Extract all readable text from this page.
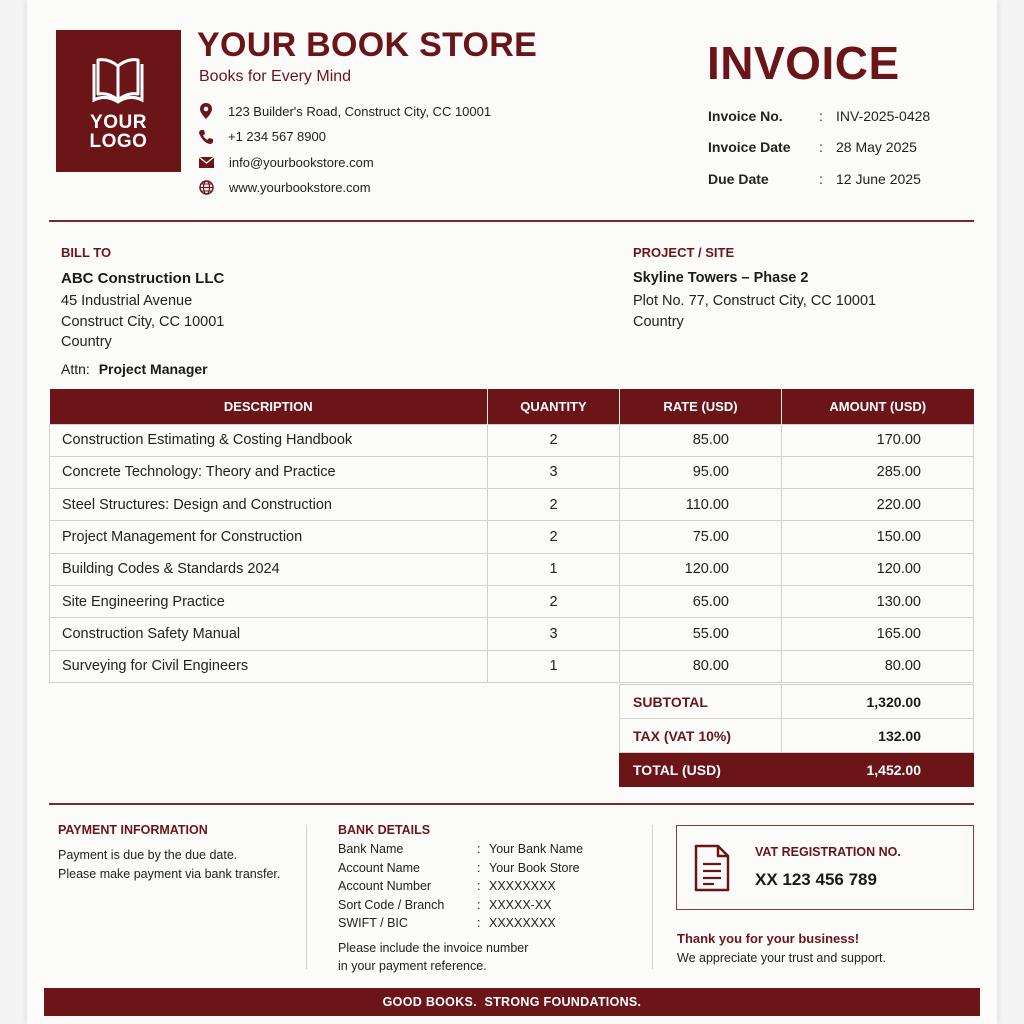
YOUR
LOGO
YOUR BOOK STORE
Books for Every Mind
123 Builder's Road, Construct City, CC 10001
+1 234 567 8900
info@yourbookstore.com
www.yourbookstore.com
INVOICE
Invoice No.	: INV-2025-0428
Invoice Date : 28 May 2025
Due Date	: 12 June 2025
BILL TO
ABC Construction LLC
45 Industrial Avenue
Construct City, CC 10001
Country
Attn: Project Manager
PROJECT / SITE
Skyline Towers – Phase 2
Plot No. 77, Construct City, CC 10001
Country
DESCRIPTION	QUANTITY	RATE (USD)	AMOUNT (USD)
Construction Estimating & Costing Handbook	2	85.00	170.00
Concrete Technology: Theory and Practice	3	95.00	285.00
Steel Structures: Design and Construction	2	110.00	220.00
Project Management for Construction	2	75.00	150.00
Building Codes & Standards 2024	1	120.00	120.00
Site Engineering Practice	2	65.00	130.00
Construction Safety Manual	3	55.00	165.00
Surveying for Civil Engineers	1	80.00	80.00
SUBTOTAL	1,320.00
TAX (VAT 10%)	132.00
TOTAL (USD)	1,452.00
PAYMENT INFORMATION
Payment is due by the due date.
Please make payment via bank transfer.
BANK DETAILS
Bank Name	: Your Bank Name
Account Name	: Your Book Store
Account Number	: XXXXXXXX
Sort Code / Branch	: XXXXX-XX
SWIFT / BIC	: XXXXXXXX
Please include the invoice number
in your payment reference.
VAT REGISTRATION NO.
XX 123 456 789
Thank you for your business!
We appreciate your trust and support.
GOOD BOOKS.  STRONG FOUNDATIONS.
